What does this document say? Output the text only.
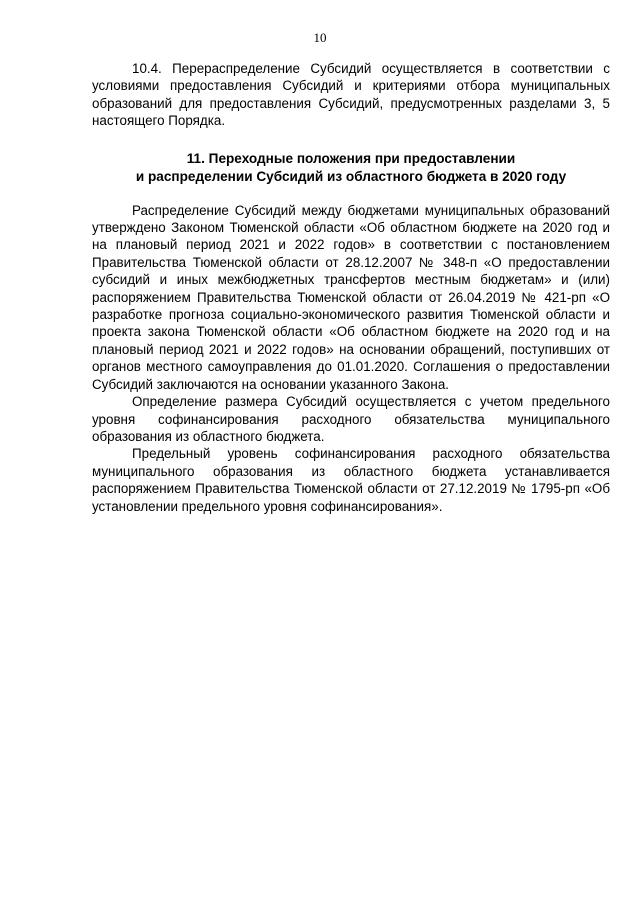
10

10.4. Перераспределение Субсидий осуществляется в соответствии с условиями предоставления Субсидий и критериями отбора муниципальных образований для предоставления Субсидий, предусмотренных разделами 3, 5 настоящего Порядка.

11. Переходные положения при предоставлении
и распределении Субсидий из областного бюджета в 2020 году

Распределение Субсидий между бюджетами муниципальных образований утверждено Законом Тюменской области «Об областном бюджете на 2020 год и на плановый период 2021 и 2022 годов» в соответствии с постановлением Правительства Тюменской области от 28.12.2007 № 348-п «О предоставлении субсидий и иных межбюджетных трансфертов местным бюджетам» и (или) распоряжением Правительства Тюменской области от 26.04.2019 № 421-рп «О разработке прогноза социально-экономического развития Тюменской области и проекта закона Тюменской области «Об областном бюджете на 2020 год и на плановый период 2021 и 2022 годов» на основании обращений, поступивших от органов местного самоуправления до 01.01.2020. Соглашения о предоставлении Субсидий заключаются на основании указанного Закона.

Определение размера Субсидий осуществляется с учетом предельного уровня софинансирования расходного обязательства муниципального образования из областного бюджета.

Предельный уровень софинансирования расходного обязательства муниципального образования из областного бюджета устанавливается распоряжением Правительства Тюменской области от 27.12.2019 № 1795-рп «Об установлении предельного уровня софинансирования».
